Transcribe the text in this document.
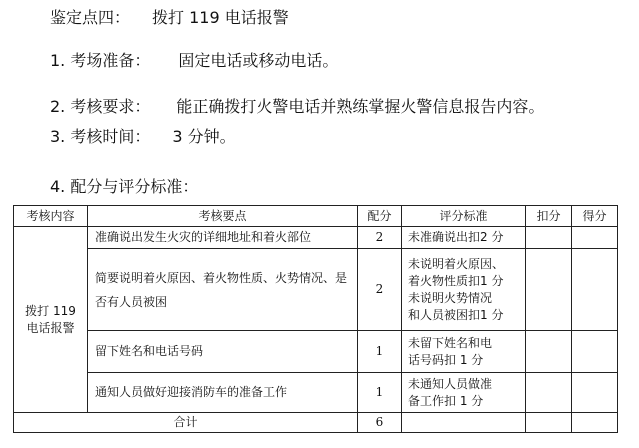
鉴定点四： 拨打 119 电话报警
1. 考场准备： 固定电话或移动电话。
2. 考核要求： 能正确拨打火警电话并熟练掌握火警信息报告内容。
3. 考核时间： 3 分钟。
4. 配分与评分标准：
考核内容	考核要点	配分	评分标准	扣分	得分
拨打 119
电话报警	准确说出发生火灾的详细地址和着火部位	2	未准确说出扣2 分		
	简要说明着火原因、着火物性质、火势情况、是否有人员被困	2	未说明着火原因、
着火物性质扣1 分
未说明火势情况
和人员被困扣1 分		
	留下姓名和电话号码	1	未留下姓名和电
话号码扣 1 分		
	通知人员做好迎接消防车的准备工作	1	未通知人员做准
备工作扣 1 分		
合计		6			
